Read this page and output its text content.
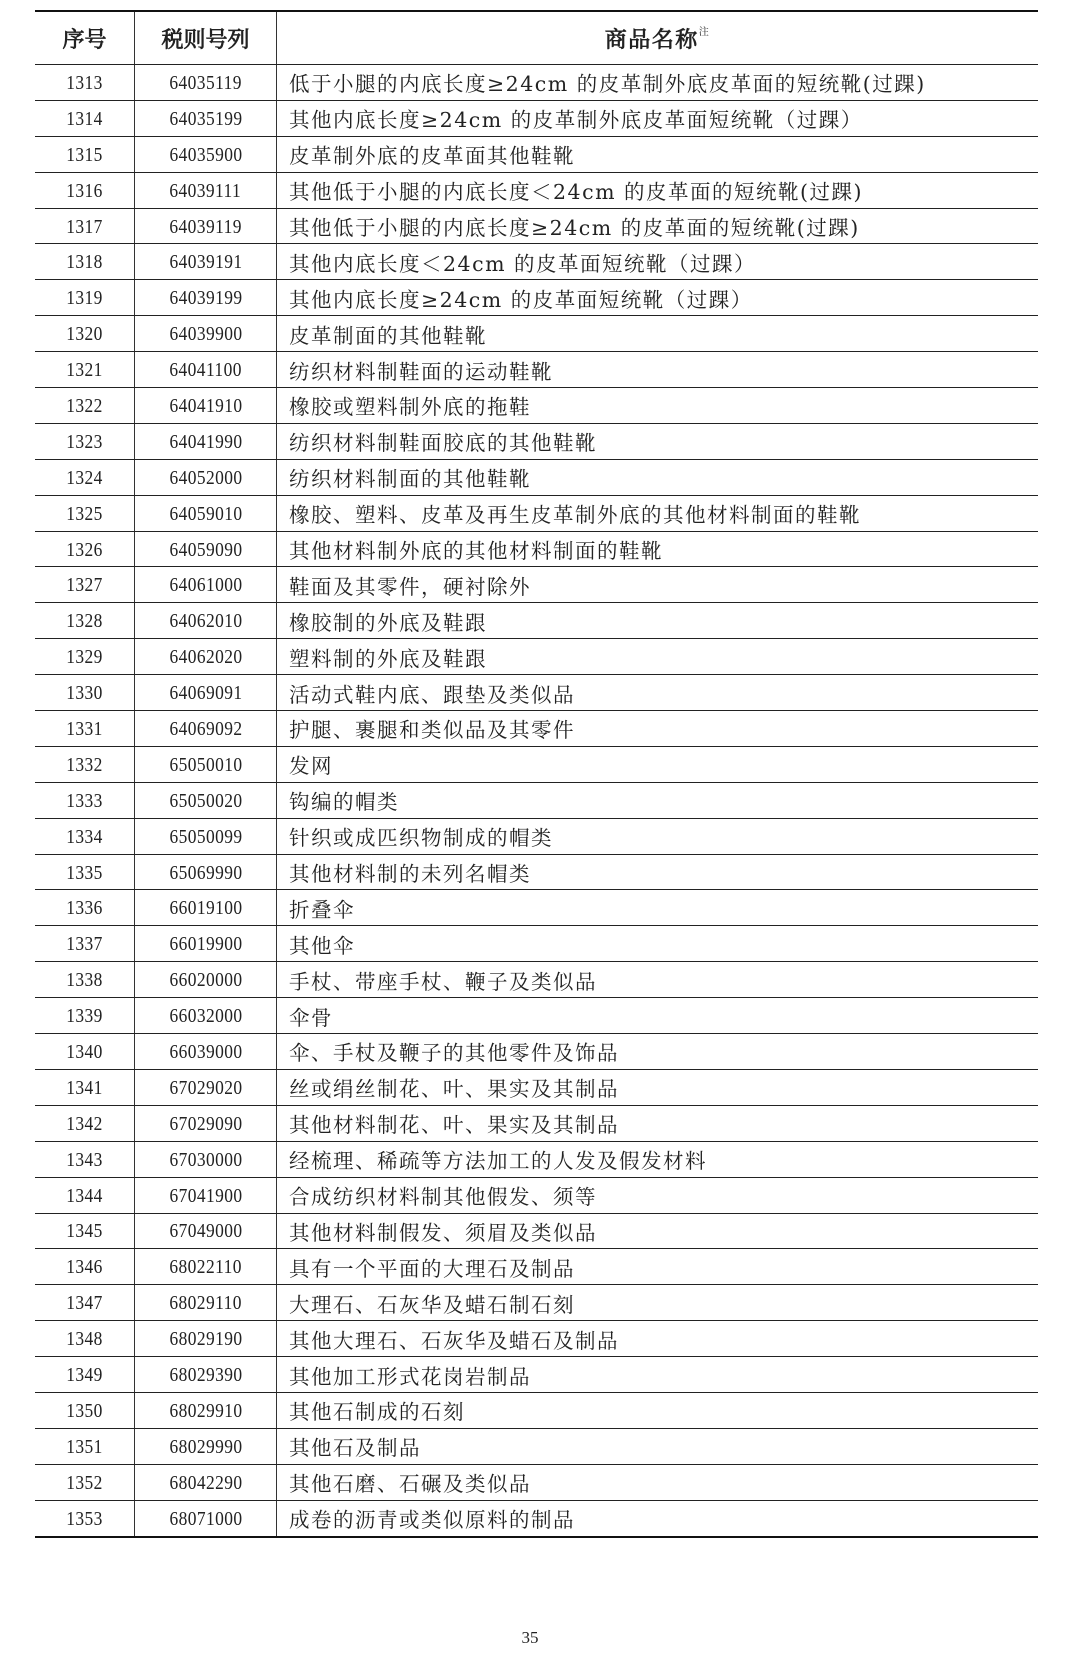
序号	税则号列	商品名称$^注$
1313	64035119	低于小腿的内底长度≥24cm 的皮革制外底皮革面的短统靴(过踝)
1314	64035199	其他内底长度≥24cm 的皮革制外底皮革面短统靴（过踝）
1315	64035900	皮革制外底的皮革面其他鞋靴
1316	64039111	其他低于小腿的内底长度＜24cm 的皮革面的短统靴(过踝)
1317	64039119	其他低于小腿的内底长度≥24cm 的皮革面的短统靴(过踝)
1318	64039191	其他内底长度＜24cm 的皮革面短统靴（过踝）
1319	64039199	其他内底长度≥24cm 的皮革面短统靴（过踝）
1320	64039900	皮革制面的其他鞋靴
1321	64041100	纺织材料制鞋面的运动鞋靴
1322	64041910	橡胶或塑料制外底的拖鞋
1323	64041990	纺织材料制鞋面胶底的其他鞋靴
1324	64052000	纺织材料制面的其他鞋靴
1325	64059010	橡胶、塑料、皮革及再生皮革制外底的其他材料制面的鞋靴
1326	64059090	其他材料制外底的其他材料制面的鞋靴
1327	64061000	鞋面及其零件，硬衬除外
1328	64062010	橡胶制的外底及鞋跟
1329	64062020	塑料制的外底及鞋跟
1330	64069091	活动式鞋内底、跟垫及类似品
1331	64069092	护腿、裹腿和类似品及其零件
1332	65050010	发网
1333	65050020	钩编的帽类
1334	65050099	针织或成匹织物制成的帽类
1335	65069990	其他材料制的未列名帽类
1336	66019100	折叠伞
1337	66019900	其他伞
1338	66020000	手杖、带座手杖、鞭子及类似品
1339	66032000	伞骨
1340	66039000	伞、手杖及鞭子的其他零件及饰品
1341	67029020	丝或绢丝制花、叶、果实及其制品
1342	67029090	其他材料制花、叶、果实及其制品
1343	67030000	经梳理、稀疏等方法加工的人发及假发材料
1344	67041900	合成纺织材料制其他假发、须等
1345	67049000	其他材料制假发、须眉及类似品
1346	68022110	具有一个平面的大理石及制品
1347	68029110	大理石、石灰华及蜡石制石刻
1348	68029190	其他大理石、石灰华及蜡石及制品
1349	68029390	其他加工形式花岗岩制品
1350	68029910	其他石制成的石刻
1351	68029990	其他石及制品
1352	68042290	其他石磨、石碾及类似品
1353	68071000	成卷的沥青或类似原料的制品
35
